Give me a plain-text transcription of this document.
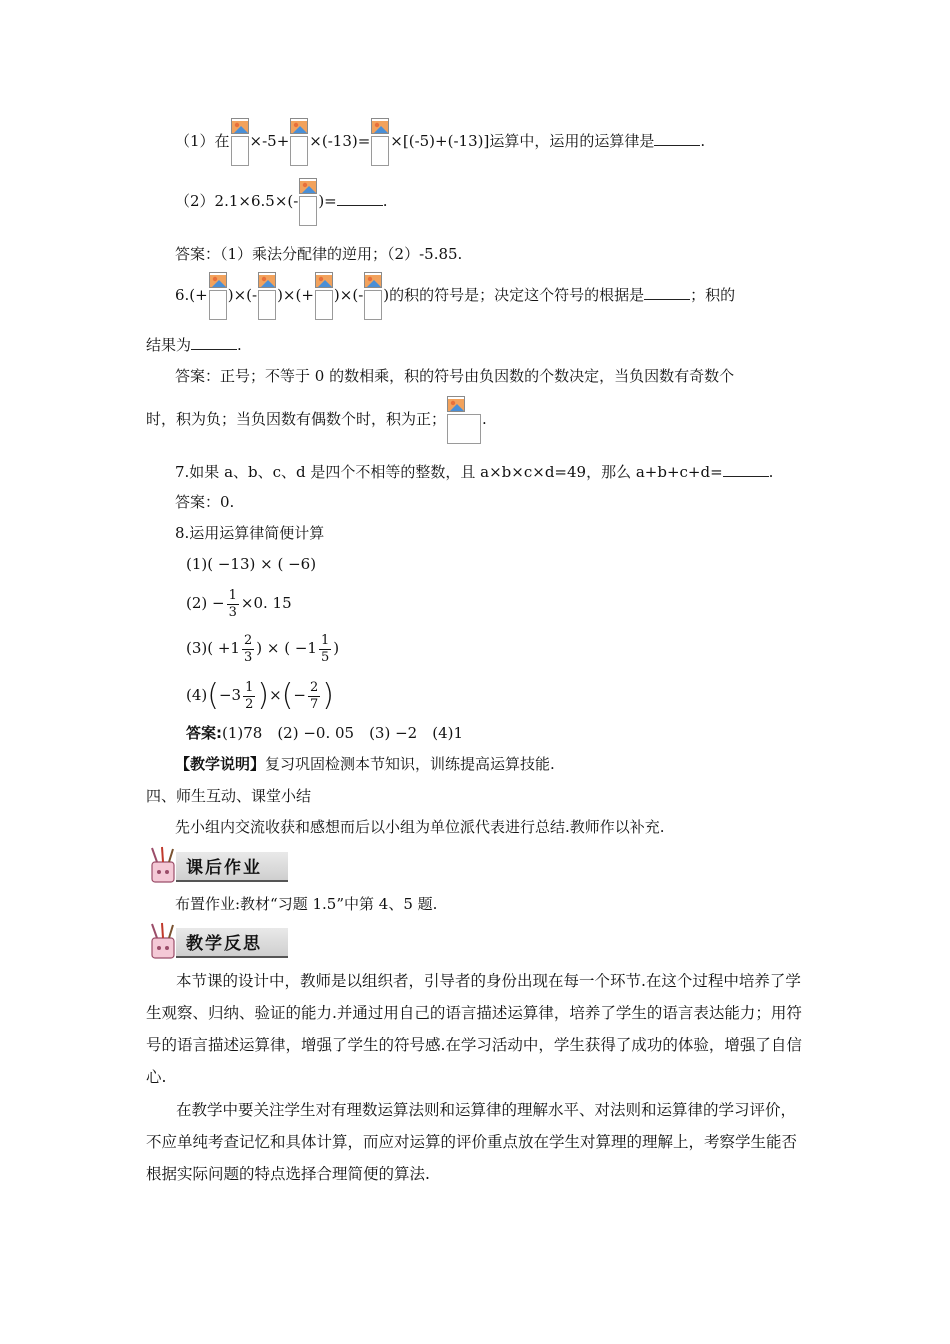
（1）在 ×-5+ ×(-13)= ×[(-5)+(-13)]运算中，运用的运算律是	.
（2）2.1×6.5×(- )=	.
答案：（1）乘法分配律的逆用；（2）-5.85.
6.(+ )×(- )×(+ )×(- )的积的符号是；决定这个符号的根据是	；积的
结果为	.
答案：正号；不等于 0 的数相乘，积的符号由负因数的个数决定，当负因数有奇数个
时，积为负；当负因数有偶数个时，积为正； .
7.如果 a、b、c、d 是四个不相等的整数，且 a×b×c×d=49，那么 a+b+c+d=	.
答案：0.
8.运用运算律简便计算
(1)( −13) × ( −6)
$(2) - \frac{1}{3} \times 0$. 15
$(3)( +1 \frac{2}{3}$ ) × ( $-1 \frac{1}{5}$ )
$(4)(-3 \frac{1}{2}$ )×(− $\frac{2}{7}$ )
答案:(1)78　(2) −0. 05　(3) −2　(4)1
【教学说明】复习巩固检测本节知识，训练提高运算技能.
四、师生互动、课堂小结
先小组内交流收获和感想而后以小组为单位派代表进行总结.教师作以补充.
课后作业
布置作业:教材“习题 1.5”中第 4、5 题.
教学反思
本节课的设计中，教师是以组织者，引导者的身份出现在每一个环节.在这个过程中培养了学生观察、归纳、验证的能力.并通过用自己的语言描述运算律，培养了学生的语言表达能力；用符号的语言描述运算律，增强了学生的符号感.在学习活动中，学生获得了成功的体验，增强了自信心.
在教学中要关注学生对有理数运算法则和运算律的理解水平、对法则和运算律的学习评价，不应单纯考查记忆和具体计算，而应对运算的评价重点放在学生对算理的理解上，考察学生能否根据实际问题的特点选择合理简便的算法.
